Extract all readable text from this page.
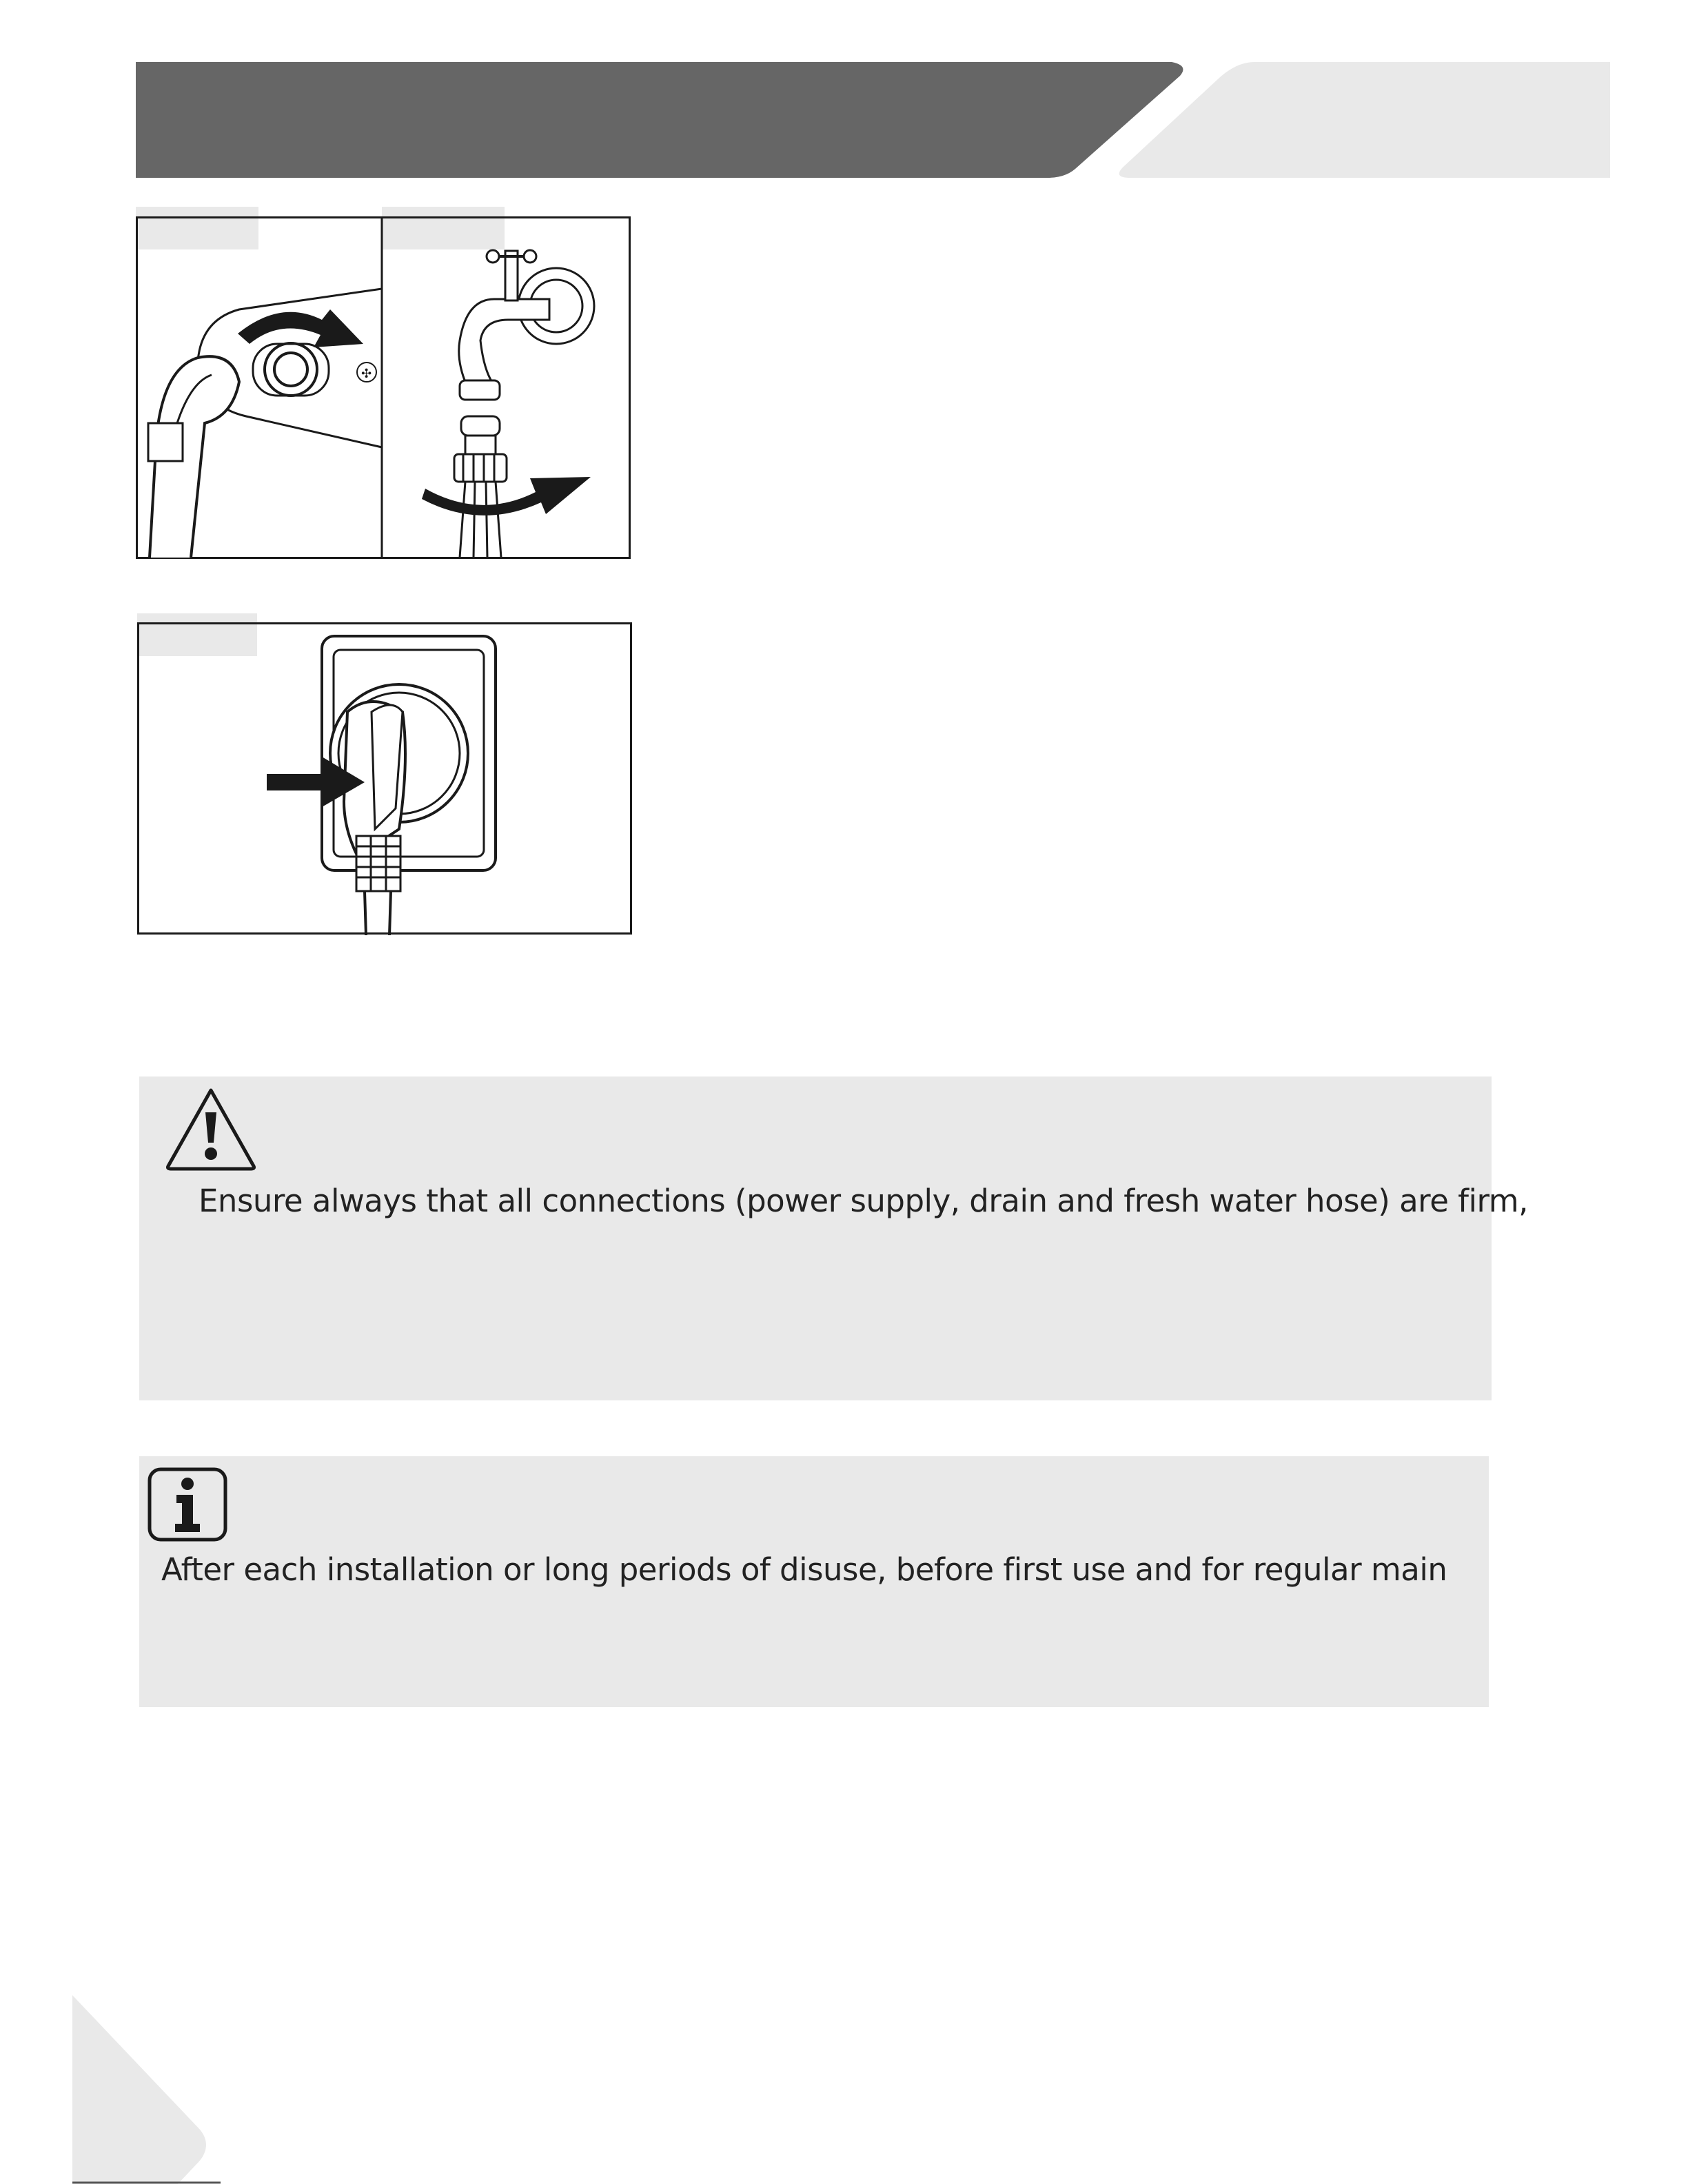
✣
Ensure always that all connections (power supply, drain and fresh water hose) are firm,
After each installation or long periods of disuse, before first use and for regular main
